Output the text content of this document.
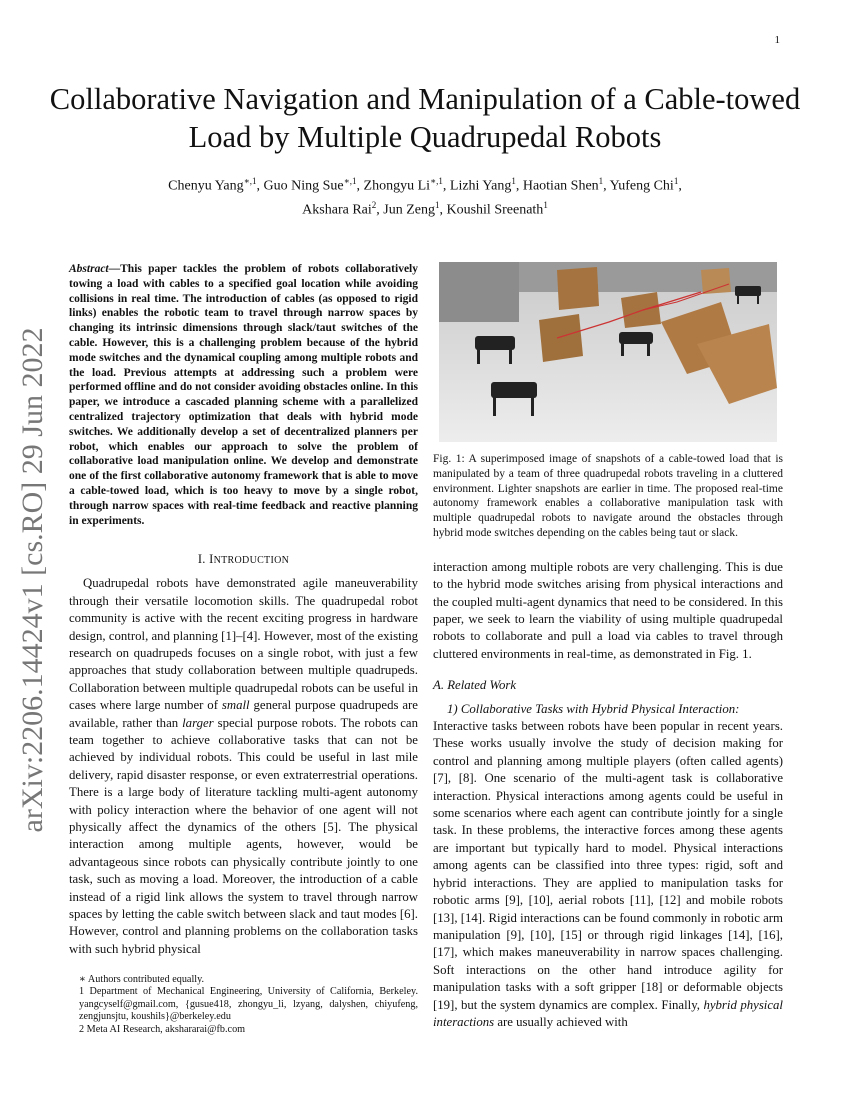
1
Collaborative Navigation and Manipulation of a Cable-towed Load by Multiple Quadrupedal Robots
Chenyu Yang$^{∗,1}$, Guo Ning Sue$^{∗,1}$, Zhongyu $Li^{∗,1}$, Lizhi Yang$^1$, Haotian Shen$^1$, Yufeng Chi$^1$,
Akshara Rai$^2$, Jun Zeng$^1$, Koushil Sreenath$^1$
arXiv:2206.14424v1 [cs.RO] 29 Jun 2022
Abstract—This paper tackles the problem of robots collaboratively towing a load with cables to a specified goal location while avoiding collisions in real time. The introduction of cables (as opposed to rigid links) enables the robotic team to travel through narrow spaces by changing its intrinsic dimensions through slack/taut switches of the cable. However, this is a challenging problem because of the hybrid mode switches and the dynamical coupling among multiple robots and the load. Previous attempts at addressing such a problem were performed offline and do not consider avoiding obstacles online. In this paper, we introduce a cascaded planning scheme with a parallelized centralized trajectory optimization that deals with hybrid mode switches. We additionally develop a set of decentralized planners per robot, which enables our approach to solve the problem of collaborative load manipulation online. We develop and demonstrate one of the first collaborative autonomy framework that is able to move a cable-towed load, which is too heavy to move by a single robot, through narrow spaces with real-time feedback and reactive planning in experiments.
I. INTRODUCTION

Quadrupedal robots have demonstrated agile maneuverability through their versatile locomotion skills. The quadrupedal robot community is active with the recent exciting progress in hardware design, control, and planning [1]–[4]. However, most of the existing research on quadrupeds focuses on a single robot, with just a few approaches that study collaboration between multiple quadrupeds. Collaboration between multiple quadrupedal robots can be useful in cases where large number of small general purpose quadrupeds are available, rather than larger special purpose robots. The robots can team together to achieve collaborative tasks that can not be achieved by individual robots. This could be useful in last mile delivery, rapid disaster response, or even extraterrestrial operations. There is a large body of literature tackling multi-agent autonomy with policy interaction where the behavior of one agent will not physically affect the dynamics of the others [5]. The physical interaction among multiple agents, however, would be advantageous since robots can physically contribute jointly to one task, such as moving a load. Moreover, the introduction of a cable instead of a rigid link allows the system to travel through narrow spaces by letting the cable switch between slack and taut modes [6]. However, control and planning problems on the collaboration tasks with such hybrid physical

∗ Authors contributed equally.

1 Department of Mechanical Engineering, University of California, Berkeley. yangcyself@gmail.com, {gusue418, zhongyu_li, lzyang, dalyshen, chiyufeng, zengjunsjtu, koushils}@berkeley.edu

2 Meta AI Research, akshararai@fb.com

Fig. 1: A superimposed image of snapshots of a cable-towed load that is manipulated by a team of three quadrupedal robots traveling in a cluttered environment. Lighter snapshots are earlier in time. The proposed real-time autonomy framework enables a collaborative manipulation task with multiple quadrupedal robots to navigate around the obstacles through hybrid mode switches depending on the cables being taut or slack.

interaction among multiple robots are very challenging. This is due to the hybrid mode switches arising from physical interactions and the coupled multi-agent dynamics that need to be considered. In this paper, we seek to learn the viability of using multiple quadrupedal robots to collaborate and pull a load via cables to travel through cluttered environments in real-time, as demonstrated in Fig. 1.

A. Related Work

1) Collaborative Tasks with Hybrid Physical Interaction:

Interactive tasks between robots have been popular in recent years. These works usually involve the study of decision making for control and planning among multiple players (often called agents) [7], [8]. One scenario of the multi-agent task is collaborative interaction. Physical interactions among agents could be useful in some scenarios where each agent can contribute jointly for a single task. In these problems, the interactive forces among these agents are important but typically hard to model. Physical interactions among agents can be classified into three types: rigid, soft and hybrid interactions. They are applied to manipulation tasks for robotic arms [9], [10], aerial robots [11], [12] and mobile robots [13], [14]. Rigid interactions can be found commonly in robotic arm manipulation [9], [10], [15] or through rigid linkages [14], [16], [17], which makes maneuverability in narrow spaces challenging. Soft interactions on the other hand introduce agility for manipulation tasks with a soft gripper [18] or deformable objects [19], but the system dynamics are complex. Finally, hybrid physical interactions are usually achieved with
